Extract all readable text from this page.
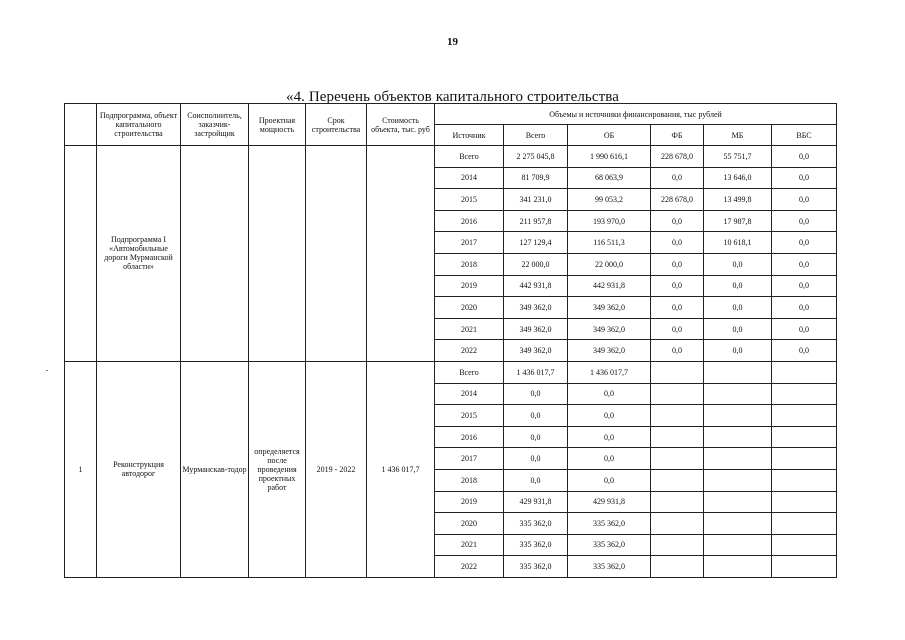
19
«4. Перечень объектов капитального строительства
	Подпрограмма, объект капитального строительства	Соисполнитель, заказчик-застройщик	Проектная мощность	Срок строительства	Стоимость объекта, тыс. руб	Объемы и источники финансирования, тыс рублей					
						Источник	Всего	ОБ	ФБ	МБ	ВБС
	Подпрограмма I «Автомобильные дороги Мурманской области»					Всего	2 275 045,8	1 990 616,1	228 678,0	55 751,7	0,0
						2014	81 709,9	68 063,9	0,0	13 646,0	0,0
						2015	341 231,0	99 053,2	228 678,0	13 499,8	0,0
						2016	211 957,8	193 970,0	0,0	17 987,8	0,0
						2017	127 129,4	116 511,3	0,0	10 618,1	0,0
						2018	22 000,0	22 000,0	0,0	0,0	0,0
						2019	442 931,8	442 931,8	0,0	0,0	0,0
						2020	349 362,0	349 362,0	0,0	0,0	0,0
						2021	349 362,0	349 362,0	0,0	0,0	0,0
						2022	349 362,0	349 362,0	0,0	0,0	0,0
1	Реконструкция автодорог	Мурманскав-тодор	определяется после проведения проектных работ	2019 - 2022	1 436 017,7	Всего	1 436 017,7	1 436 017,7			
						2014	0,0	0,0			
						2015	0,0	0,0			
						2016	0,0	0,0			
						2017	0,0	0,0			
						2018	0,0	0,0			
						2019	429 931,8	429 931,8			
						2020	335 362,0	335 362,0			
						2021	335 362,0	335 362,0			
						2022	335 362,0	335 362,0			
